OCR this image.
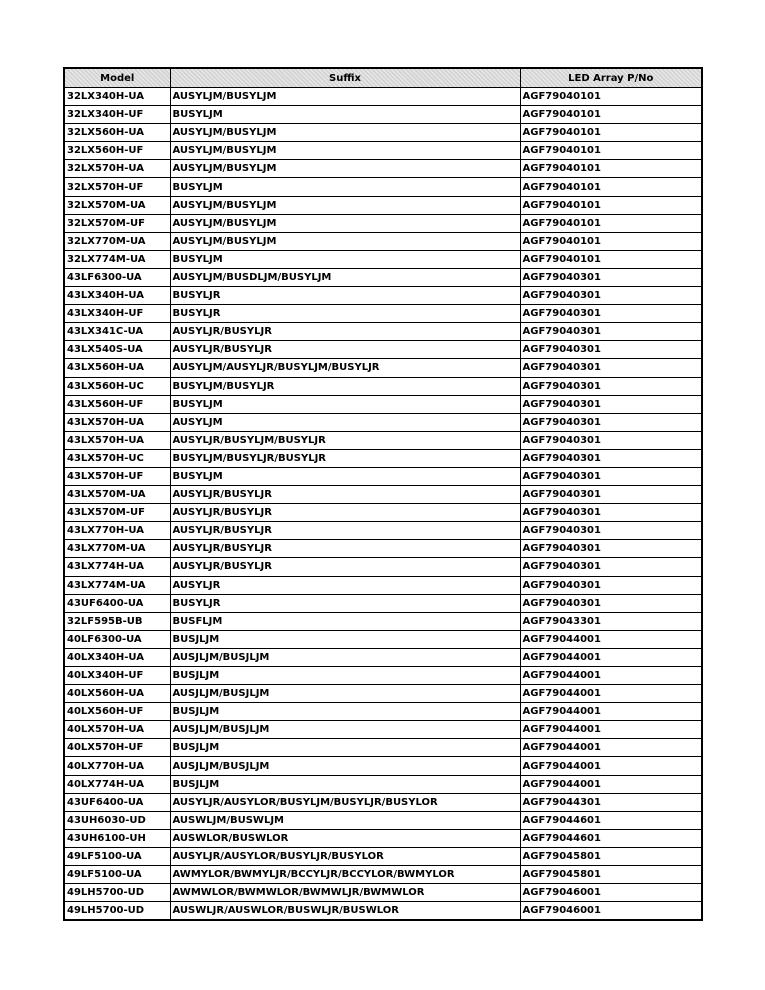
Model	Suffix	LED Array P/No
32LX340H-UA	AUSYLJM/BUSYLJM	AGF79040101
32LX340H-UF	BUSYLJM	AGF79040101
32LX560H-UA	AUSYLJM/BUSYLJM	AGF79040101
32LX560H-UF	AUSYLJM/BUSYLJM	AGF79040101
32LX570H-UA	AUSYLJM/BUSYLJM	AGF79040101
32LX570H-UF	BUSYLJM	AGF79040101
32LX570M-UA	AUSYLJM/BUSYLJM	AGF79040101
32LX570M-UF	AUSYLJM/BUSYLJM	AGF79040101
32LX770M-UA	AUSYLJM/BUSYLJM	AGF79040101
32LX774M-UA	BUSYLJM	AGF79040101
43LF6300-UA	AUSYLJM/BUSDLJM/BUSYLJM	AGF79040301
43LX340H-UA	BUSYLJR	AGF79040301
43LX340H-UF	BUSYLJR	AGF79040301
43LX341C-UA	AUSYLJR/BUSYLJR	AGF79040301
43LX540S-UA	AUSYLJR/BUSYLJR	AGF79040301
43LX560H-UA	AUSYLJM/AUSYLJR/BUSYLJM/BUSYLJR	AGF79040301
43LX560H-UC	BUSYLJM/BUSYLJR	AGF79040301
43LX560H-UF	BUSYLJM	AGF79040301
43LX570H-UA	AUSYLJM	AGF79040301
43LX570H-UA	AUSYLJR/BUSYLJM/BUSYLJR	AGF79040301
43LX570H-UC	BUSYLJM/BUSYLJR/BUSYLJR	AGF79040301
43LX570H-UF	BUSYLJM	AGF79040301
43LX570M-UA	AUSYLJR/BUSYLJR	AGF79040301
43LX570M-UF	AUSYLJR/BUSYLJR	AGF79040301
43LX770H-UA	AUSYLJR/BUSYLJR	AGF79040301
43LX770M-UA	AUSYLJR/BUSYLJR	AGF79040301
43LX774H-UA	AUSYLJR/BUSYLJR	AGF79040301
43LX774M-UA	AUSYLJR	AGF79040301
43UF6400-UA	BUSYLJR	AGF79040301
32LF595B-UB	BUSFLJM	AGF79043301
40LF6300-UA	BUSJLJM	AGF79044001
40LX340H-UA	AUSJLJM/BUSJLJM	AGF79044001
40LX340H-UF	BUSJLJM	AGF79044001
40LX560H-UA	AUSJLJM/BUSJLJM	AGF79044001
40LX560H-UF	BUSJLJM	AGF79044001
40LX570H-UA	AUSJLJM/BUSJLJM	AGF79044001
40LX570H-UF	BUSJLJM	AGF79044001
40LX770H-UA	AUSJLJM/BUSJLJM	AGF79044001
40LX774H-UA	BUSJLJM	AGF79044001
43UF6400-UA	AUSYLJR/AUSYLOR/BUSYLJM/BUSYLJR/BUSYLOR	AGF79044301
43UH6030-UD	AUSWLJM/BUSWLJM	AGF79044601
43UH6100-UH	AUSWLOR/BUSWLOR	AGF79044601
49LF5100-UA	AUSYLJR/AUSYLOR/BUSYLJR/BUSYLOR	AGF79045801
49LF5100-UA	AWMYLOR/BWMYLJR/BCCYLJR/BCCYLOR/BWMYLOR	AGF79045801
49LH5700-UD	AWMWLOR/BWMWLOR/BWMWLJR/BWMWLOR	AGF79046001
49LH5700-UD	AUSWLJR/AUSWLOR/BUSWLJR/BUSWLOR	AGF79046001
